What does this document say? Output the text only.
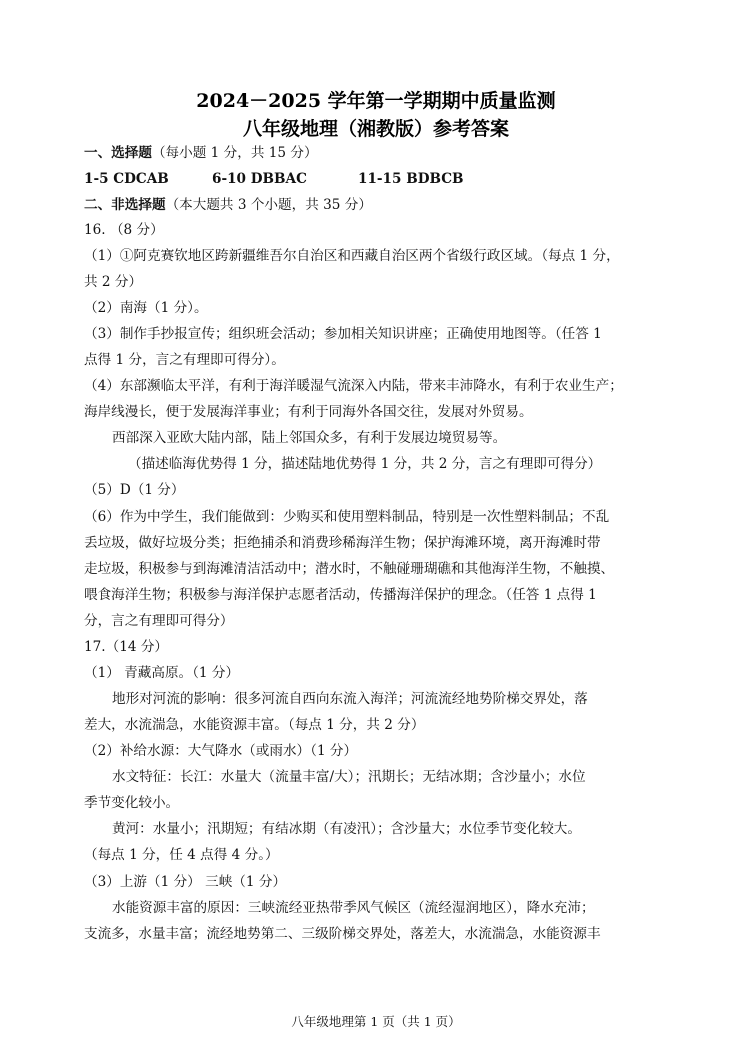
2024－2025 学年第一学期期中质量监测
八年级地理（湘教版）参考答案
一、选择题（每小题 1 分，共 15 分）
1-5 CDCAB	6-10 DBBAC	11-15 BDBCB
二、非选择题（本大题共 3 个小题，共 35 分）
16. （8 分）
（1）①阿克赛钦地区跨新疆维吾尔自治区和西藏自治区两个省级行政区域。（每点 1 分，
共 2 分）
（2）南海（1 分）。
（3）制作手抄报宣传；组织班会活动；参加相关知识讲座；正确使用地图等。（任答 1
点得 1 分，言之有理即可得分）。
（4）东部濒临太平洋，有利于海洋暖湿气流深入内陆，带来丰沛降水，有利于农业生产；
海岸线漫长，便于发展海洋事业；有利于同海外各国交往，发展对外贸易。
西部深入亚欧大陆内部，陆上邻国众多，有利于发展边境贸易等。
（描述临海优势得 1 分，描述陆地优势得 1 分，共 2 分，言之有理即可得分）
（5）D（1 分）
（6）作为中学生，我们能做到：少购买和使用塑料制品，特别是一次性塑料制品；不乱
丢垃圾，做好垃圾分类；拒绝捕杀和消费珍稀海洋生物；保护海滩环境，离开海滩时带
走垃圾，积极参与到海滩清洁活动中；潜水时，不触碰珊瑚礁和其他海洋生物，不触摸、
喂食海洋生物；积极参与海洋保护志愿者活动，传播海洋保护的理念。（任答 1 点得 1
分，言之有理即可得分）
17.（14 分）
（1） 青藏高原。（1 分）
地形对河流的影响：很多河流自西向东流入海洋；河流流经地势阶梯交界处，落
差大，水流湍急，水能资源丰富。（每点 1 分，共 2 分）
（2）补给水源：大气降水（或雨水）（1 分）
水文特征：长江：水量大（流量丰富/大）；汛期长；无结冰期；含沙量小；水位
季节变化较小。
黄河：水量小；汛期短；有结冰期（有凌汛）；含沙量大；水位季节变化较大。
（每点 1 分，任 4 点得 4 分。）
（3）上游（1 分） 三峡（1 分）
水能资源丰富的原因：三峡流经亚热带季风气候区（流经湿润地区），降水充沛；
支流多，水量丰富；流经地势第二、三级阶梯交界处，落差大，水流湍急，水能资源丰
八年级地理第 1 页（共 1 页）
